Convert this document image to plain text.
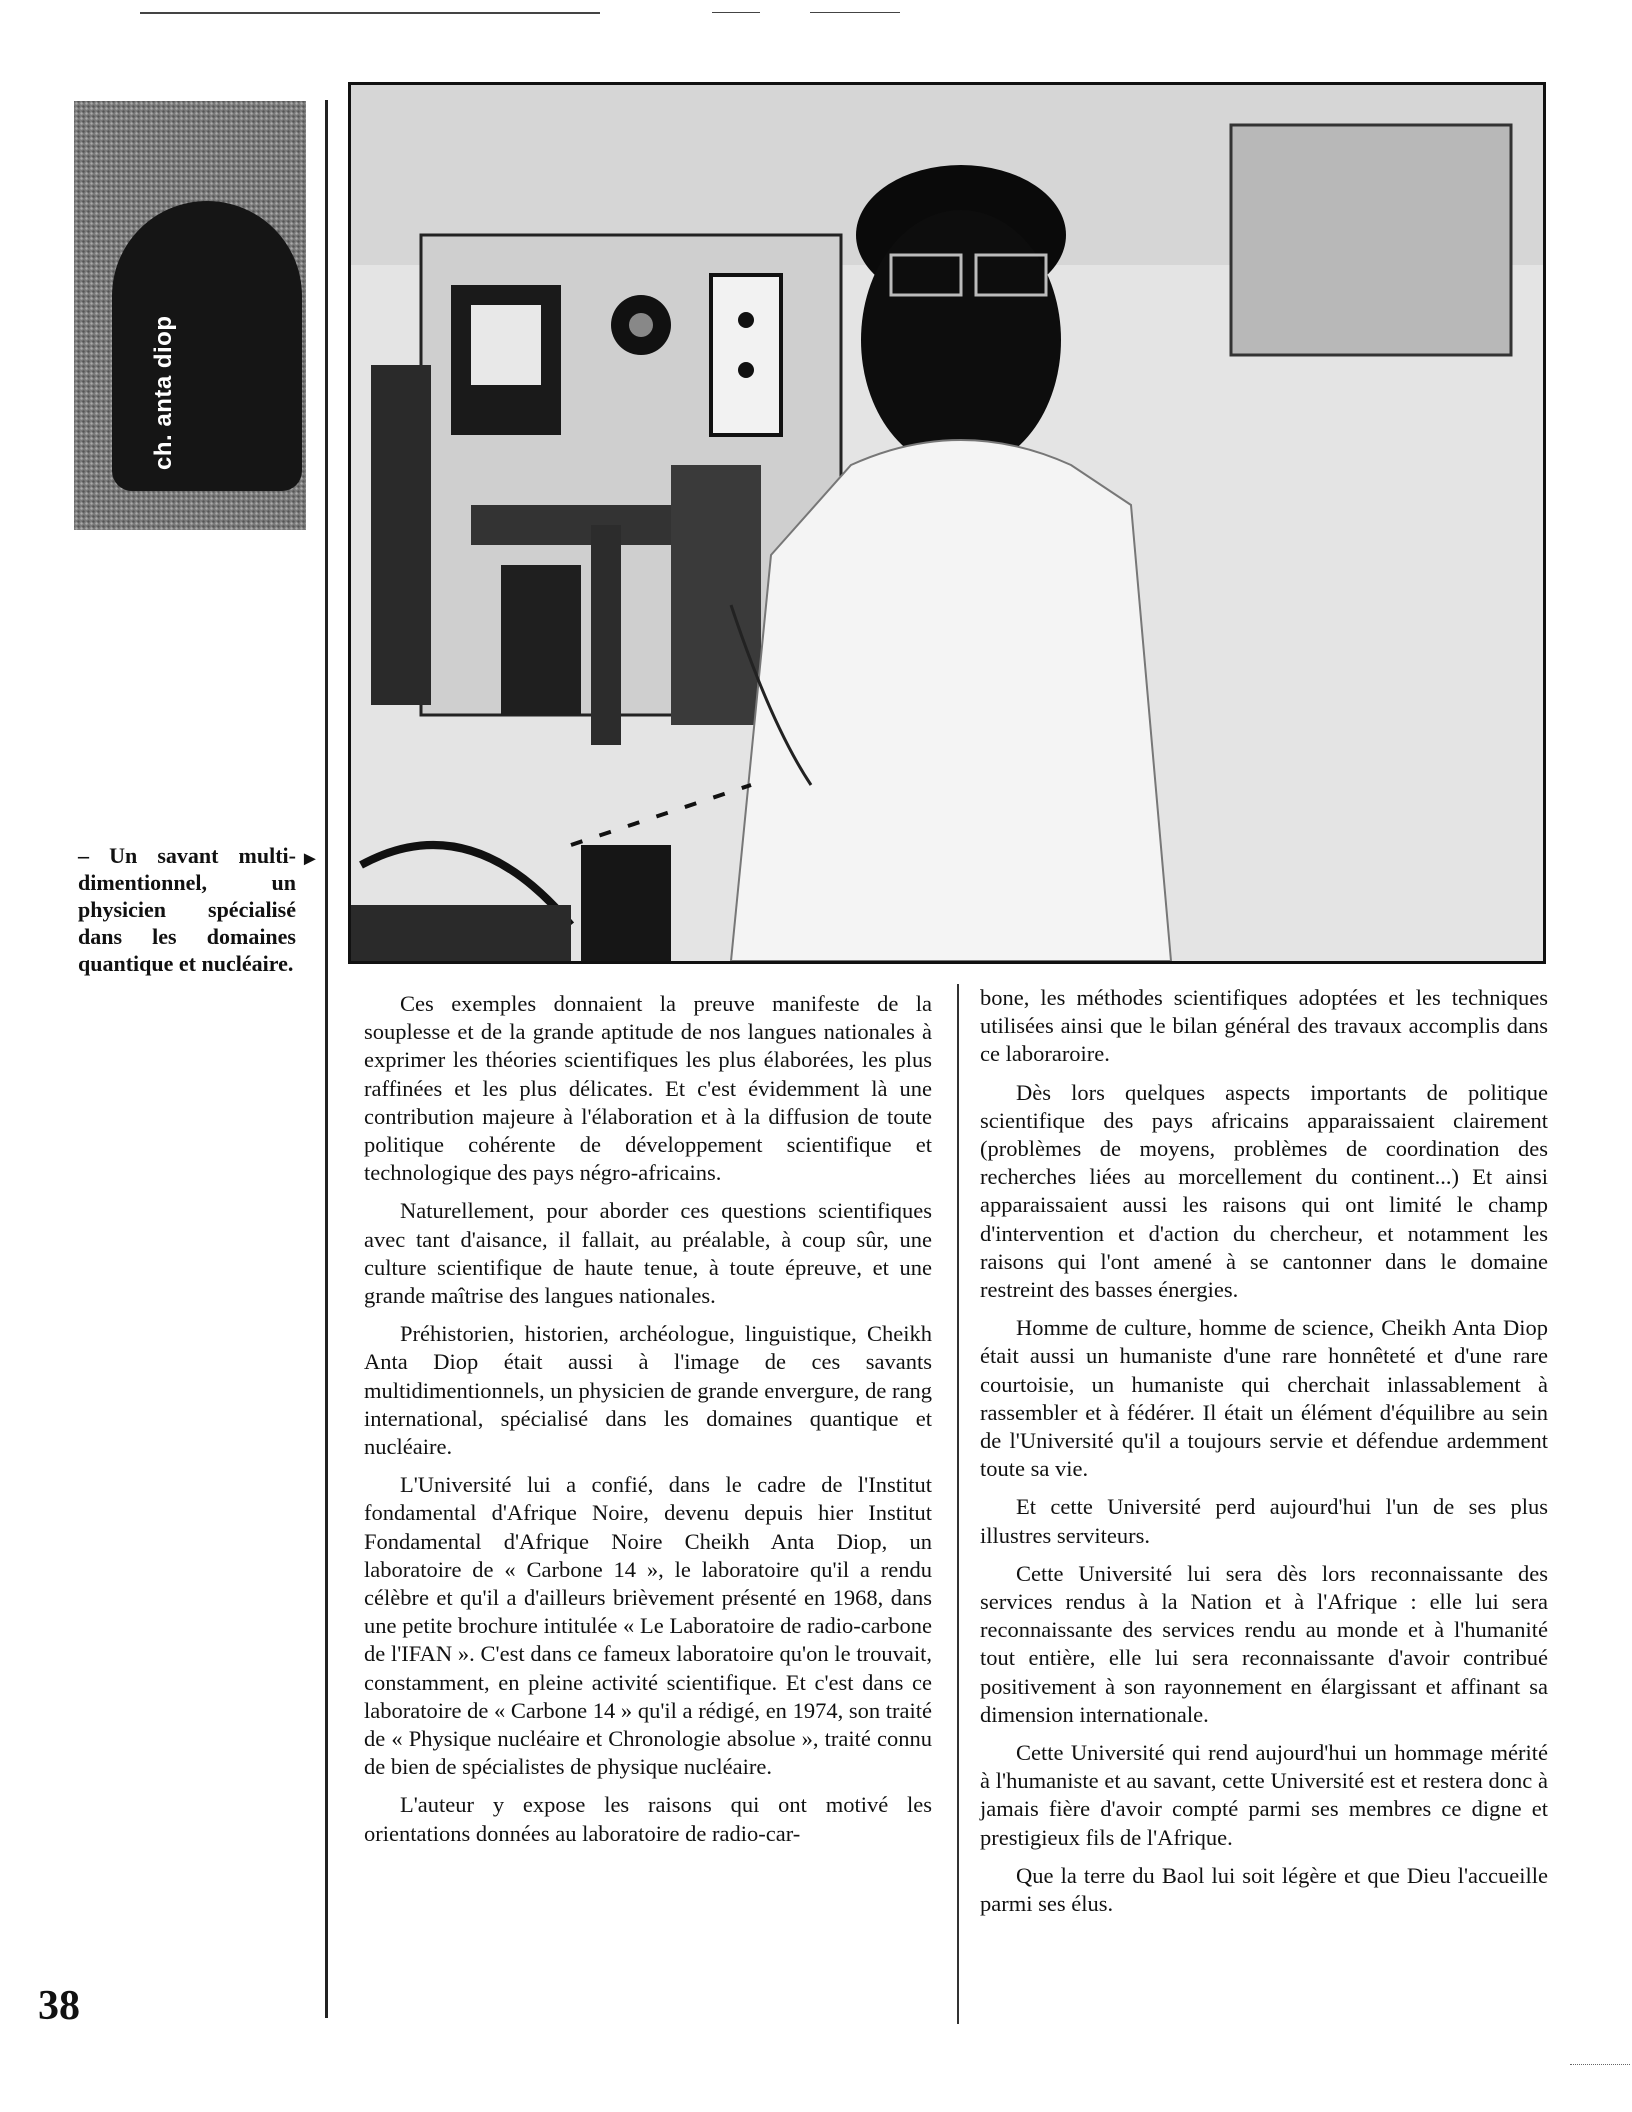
ch. anta diop
– Un savant multi-dimentionnel, un physicien spécialisé dans les domaines quantique et nucléaire.
►

Ces exemples donnaient la preuve manifeste de la souplesse et de la grande aptitude de nos langues nationales à exprimer les théories scientifiques les plus élaborées, les plus raffinées et les plus délicates. Et c'est évidemment là une contribution majeure à l'élaboration et à la diffusion de toute politique cohérente de développement scientifique et technologique des pays négro-africains.

Naturellement, pour aborder ces questions scientifiques avec tant d'aisance, il fallait, au préalable, à coup sûr, une culture scientifique de haute tenue, à toute épreuve, et une grande maîtrise des langues nationales.

Préhistorien, historien, archéologue, linguistique, Cheikh Anta Diop était aussi à l'image de ces savants multidimentionnels, un physicien de grande envergure, de rang international, spécialisé dans les domaines quantique et nucléaire.

L'Université lui a confié, dans le cadre de l'Institut fondamental d'Afrique Noire, devenu depuis hier Institut Fondamental d'Afrique Noire Cheikh Anta Diop, un laboratoire de « Carbone 14 », le laboratoire qu'il a rendu célèbre et qu'il a d'ailleurs brièvement présenté en 1968, dans une petite brochure intitulée « Le Laboratoire de radio-carbone de l'IFAN ». C'est dans ce fameux laboratoire qu'on le trouvait, constamment, en pleine activité scientifique. Et c'est dans ce laboratoire de « Carbone 14 » qu'il a rédigé, en 1974, son traité de « Physique nucléaire et Chronologie absolue », traité connu de bien de spécialistes de physique nucléaire.

L'auteur y expose les raisons qui ont motivé les orientations données au laboratoire de radio-car-

bone, les méthodes scientifiques adoptées et les techniques utilisées ainsi que le bilan général des travaux accomplis dans ce laboraroire.

Dès lors quelques aspects importants de politique scientifique des pays africains apparaissaient clairement (problèmes de moyens, problèmes de coordination des recherches liées au morcellement du continent...) Et ainsi apparaissaient aussi les raisons qui ont limité le champ d'intervention et d'action du chercheur, et notamment les raisons qui l'ont amené à se cantonner dans le domaine restreint des basses énergies.

Homme de culture, homme de science, Cheikh Anta Diop était aussi un humaniste d'une rare honnêteté et d'une rare courtoisie, un humaniste qui cherchait inlassablement à rassembler et à fédérer. Il était un élément d'équilibre au sein de l'Université qu'il a toujours servie et défendue ardemment toute sa vie.

Et cette Université perd aujourd'hui l'un de ses plus illustres serviteurs.

Cette Université lui sera dès lors reconnaissante des services rendus à la Nation et à l'Afrique : elle lui sera reconnaissante des services rendu au monde et à l'humanité tout entière, elle lui sera reconnaissante d'avoir contribué positivement à son rayonnement en élargissant et affinant sa dimension internationale.

Cette Université qui rend aujourd'hui un hommage mérité à l'humaniste et au savant, cette Université est et restera donc à jamais fière d'avoir compté parmi ses membres ce digne et prestigieux fils de l'Afrique.

Que la terre du Baol lui soit légère et que Dieu l'accueille parmi ses élus.

38
